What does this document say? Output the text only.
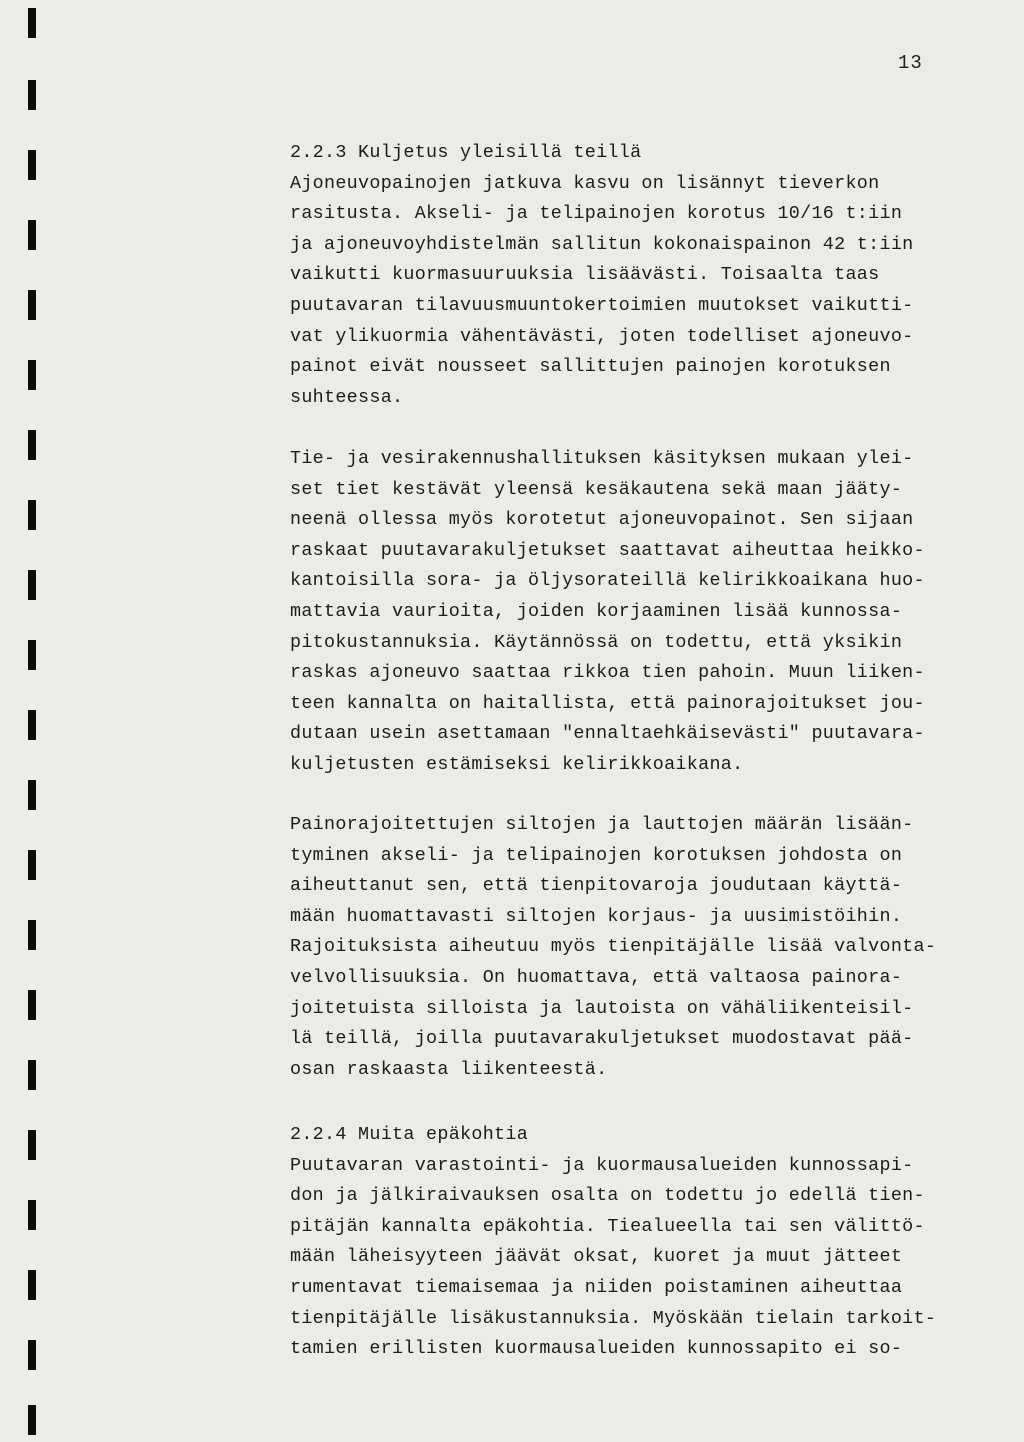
13
2.2.3 Kuljetus yleisillä teillä
Ajoneuvopainojen jatkuva kasvu on lisännyt tieverkon
rasitusta. Akseli- ja telipainojen korotus 10/16 t:iin
ja ajoneuvoyhdistelmän sallitun kokonaispainon 42 t:iin
vaikutti kuormasuuruuksia lisäävästi. Toisaalta taas
puutavaran tilavuusmuuntokertoimien muutokset vaikutti-
vat ylikuormia vähentävästi, joten todelliset ajoneuvo-
painot eivät nousseet sallittujen painojen korotuksen
suhteessa.
Tie- ja vesirakennushallituksen käsityksen mukaan ylei-
set tiet kestävät yleensä kesäkautena sekä maan jääty-
neenä ollessa myös korotetut ajoneuvopainot. Sen sijaan
raskaat puutavarakuljetukset saattavat aiheuttaa heikko-
kantoisilla sora- ja öljysorateillä kelirikkoaikana huo-
mattavia vaurioita, joiden korjaaminen lisää kunnossa-
pitokustannuksia. Käytännössä on todettu, että yksikin
raskas ajoneuvo saattaa rikkoa tien pahoin. Muun liiken-
teen kannalta on haitallista, että painorajoitukset jou-
dutaan usein asettamaan "ennaltaehkäisevästi" puutavara-
kuljetusten estämiseksi kelirikkoaikana.
Painorajoitettujen siltojen ja lauttojen määrän lisään-
tyminen akseli- ja telipainojen korotuksen johdosta on
aiheuttanut sen, että tienpitovaroja joudutaan käyttä-
mään huomattavasti siltojen korjaus- ja uusimistöihin.
Rajoituksista aiheutuu myös tienpitäjälle lisää valvonta-
velvollisuuksia. On huomattava, että valtaosa painora-
joitetuista silloista ja lautoista on vähäliikenteisil-
lä teillä, joilla puutavarakuljetukset muodostavat pää-
osan raskaasta liikenteestä.
2.2.4 Muita epäkohtia
Puutavaran varastointi- ja kuormausalueiden kunnossapi-
don ja jälkiraivauksen osalta on todettu jo edellä tien-
pitäjän kannalta epäkohtia. Tiealueella tai sen välittö-
mään läheisyyteen jäävät oksat, kuoret ja muut jätteet
rumentavat tiemaisemaa ja niiden poistaminen aiheuttaa
tienpitäjälle lisäkustannuksia. Myöskään tielain tarkoit-
tamien erillisten kuormausalueiden kunnossapito ei so-
